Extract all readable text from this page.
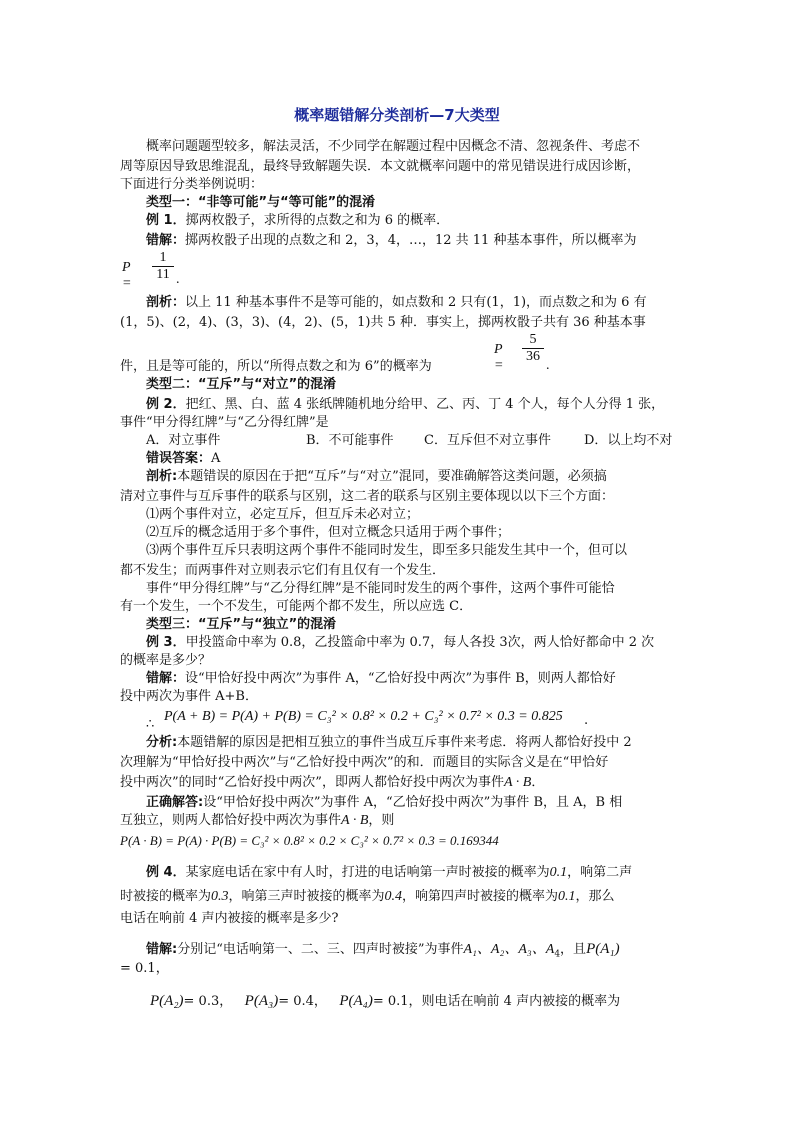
概率题错解分类剖析—7大类型
概率问题题型较多，解法灵活，不少同学在解题过程中因概念不清、忽视条件、考虑不
周等原因导致思维混乱，最终导致解题失误．本文就概率问题中的常见错误进行成因诊断，
下面进行分类举例说明：
类型一：“非等可能”与“等可能”的混淆
例 1．掷两枚骰子，求所得的点数之和为 6 的概率．
错解：掷两枚骰子出现的点数之和 2，3，4，…，12 共 11 种基本事件，所以概率为
P =
1
11 .
剖析：以上 11 种基本事件不是等可能的，如点数和 2 只有(1，1)，而点数之和为 6 有
(1，5)、(2，4)、(3，3)、(4，2)、(5，1)共 5 种．事实上，掷两枚骰子共有 36 种基本事
件，且是等可能的，所以“所得点数之和为 6”的概率为
P =
5
36
.
类型二：“互斥”与“对立”的混淆
例 2．把红、黑、白、蓝 4 张纸牌随机地分给甲、乙、丙、丁 4 个人，每个人分得 1 张，
事件“甲分得红牌”与“乙分得红牌”是
A．对立事件	B．不可能事件 C．互斥但不对立事件	D．以上均不对
错误答案：A
剖析:本题错误的原因在于把“互斥”与“对立”混同，要准确解答这类问题，必须搞
清对立事件与互斥事件的联系与区别，这二者的联系与区别主要体现以以下三个方面：
⑴两个事件对立，必定互斥，但互斥未必对立；
⑵互斥的概念适用于多个事件，但对立概念只适用于两个事件；
⑶两个事件互斥只表明这两个事件不能同时发生，即至多只能发生其中一个，但可以
都不发生；而两事件对立则表示它们有且仅有一个发生．
事件“甲分得红牌”与“乙分得红牌”是不能同时发生的两个事件，这两个事件可能恰
有一个发生，一个不发生，可能两个都不发生，所以应选 C．
类型三：“互斥”与“独立”的混淆
例 3．甲投篮命中率为 0.8，乙投篮命中率为 0.7，每人各投 3次，两人恰好都命中 2 次
的概率是多少？
错解：设“甲恰好投中两次”为事件 A，“乙恰好投中两次”为事件 B，则两人都恰好
投中两次为事件 A+B．
∴
P(A + B) = P(A) + P(B) = C₃² × 0.8² × 0.2 + C₃² × 0.7² × 0.3 = 0.825 .
分析:本题错解的原因是把相互独立的事件当成互斥事件来考虑．将两人都恰好投中 2
次理解为“甲恰好投中两次”与“乙恰好投中两次”的和．而题目的实际含义是在“甲恰好
投中两次”的同时“乙恰好投中两次”，即两人都恰好投中两次为事件A · B．
正确解答:设“甲恰好投中两次”为事件 A，“乙恰好投中两次”为事件 B，且 A，B 相
互独立，则两人都恰好投中两次为事件A · B，则
P(A · B) = P(A) · P(B) = C₃² × 0.8² × 0.2 × C₃² × 0.7² × 0.3 = 0.169344
例 4．某家庭电话在家中有人时，打进的电话响第一声时被接的概率为0.1，响第二声
时被接的概率为0.3，响第三声时被接的概率为0.4，响第四声时被接的概率为0.1，那么
电话在响前 4 声内被接的概率是多少?
错解:分别记“电话响第一、二、三、四声时被接”为事件A₁、A₂、A₃、$A_4$，且P(A₁)
= 0.1，
P(A₂)= 0.3， P(A₃)= 0.4， P(A₄)= 0.1，则电话在响前 4 声内被接的概率为
